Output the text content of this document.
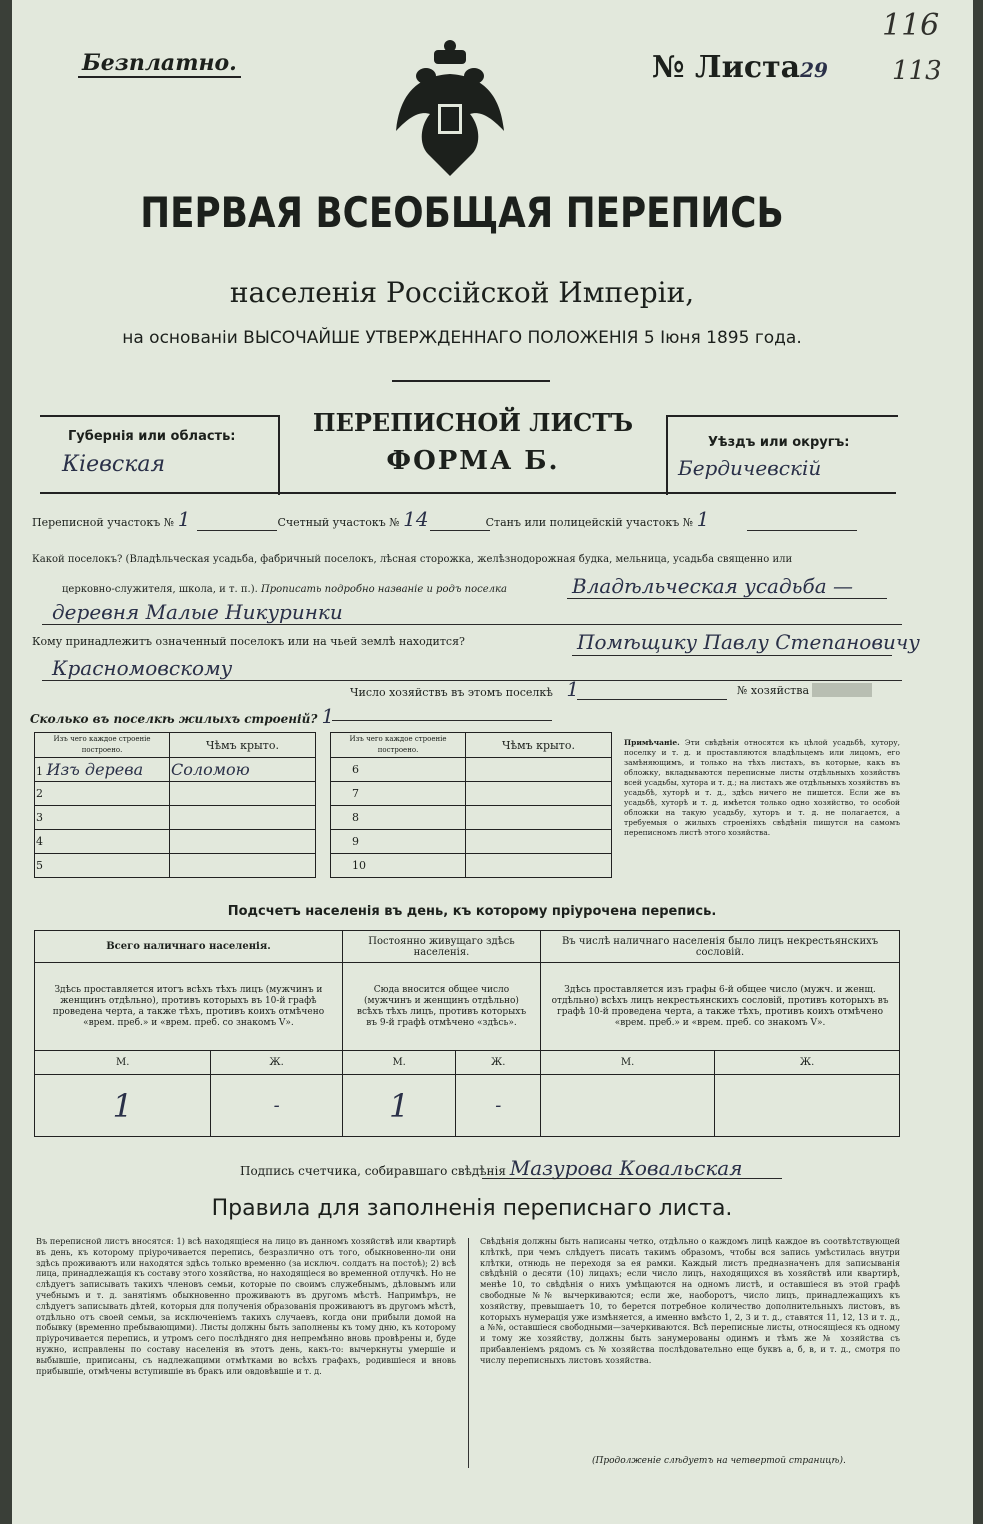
Безплатно.	№ Листа29
116
113
ПЕРВАЯ ВСЕОБЩАЯ ПЕРЕПИСЬ
населенія Россійской Имперіи,
на основаніи ВЫСОЧАЙШЕ УТВЕРЖДЕННАГО ПОЛОЖЕНІЯ 5 Іюня 1895 года.
Губернія или область:
Кіевская
ПЕРЕПИСНОЙ ЛИСТЪ
ФОРМА Б.
Уѣздъ или округъ:
Бердичевскій
Переписной участокъ № 1	Счетный участокъ № 14	Станъ или полицейскій участокъ № 1
Какой поселокъ? (Владѣльческая усадьба, фабричный поселокъ, лѣсная сторожка, желѣзнодорожная будка, мельница, усадьба священно или
церковно-служителя, школа, и т. п.). Прописать подробно названіе и родъ поселка	Владѣльческая усадьба —
деревня Малые Никуринки
Кому принадлежитъ означенный поселокъ или на чьей землѣ находится?	Помѣщику Павлу Степановичу
Красномовскому
Число хозяйствъ въ этомъ поселкѣ 1	№ хозяйства
Сколько въ поселкѣ жилыхъ строеній? 1
Изъ чего каждое строеніе построено.	Чѣмъ крыто.
1 Изъ дерева	Соломою
2	
3	
4	
5	
Изъ чего каждое строеніе построено.	Чѣмъ крыто.
6	
7	
8	
9	
10	
Примѣчаніе. Эти свѣдѣнія относятся къ цѣлой усадьбѣ, хутору, поселку и т. д. и проставляются владѣльцемъ или лицомъ, его замѣняющимъ, и только на тѣхъ листахъ, въ которые, какъ въ обложку, вкладываются переписные листы отдѣльныхъ хозяйствъ всей усадьбы, хутора и т. д.; на листахъ же отдѣльныхъ хозяйствъ въ усадьбѣ, хуторѣ и т. д., здѣсь ничего не пишется. Если же въ усадьбѣ, хуторѣ и т. д. имѣется только одно хозяйство, то особой обложки на такую усадьбу, хуторъ и т. д. не полагается, а требуемыя о жилыхъ строеніяхъ свѣдѣнія пишутся на самомъ переписномъ листѣ этого хозяйства.
Подсчетъ населенія въ день, къ которому пріурочена перепись.
Всего наличнаго населенія.		Постоянно живущаго здѣсь населенія.		Въ числѣ наличнаго населенія было лицъ некрестьянскихъ сословій.	
Здѣсь проставляется итогъ всѣхъ тѣхъ лицъ (мужчинъ и женщинъ отдѣльно), противъ которыхъ въ 10-й графѣ проведена черта, а также тѣхъ, противъ коихъ отмѣчено «врем. преб.» и «врем. преб. со знакомъ V».		Сюда вносится общее число (мужчинъ и женщинъ отдѣльно) всѣхъ тѣхъ лицъ, противъ которыхъ въ 9-й графѣ отмѣчено «здѣсь».		Здѣсь проставляется изъ графы 6-й общее число (мужч. и женщ. отдѣльно) всѣхъ лицъ некрестьянскихъ сословій, противъ которыхъ въ графѣ 10-й проведена черта, а также тѣхъ, противъ коихъ отмѣчено «врем. преб.» и «врем. преб. со знакомъ V».	
М.	Ж.	М.	Ж.	М.	Ж.
1	-	1	-		
Подпись счетчика, собиравшаго свѣдѣнія Мазурова Ковальская
Правила для заполненія переписнаго листа.
Въ переписной листъ вносятся: 1) всѣ находящіеся на лицо въ данномъ хозяйствѣ или квартирѣ въ день, къ которому пріурочивается перепись, безразлично отъ того, обыкновенно-ли они здѣсь проживаютъ или находятся здѣсь только временно (за исключ. солдатъ на постоѣ); 2) всѣ лица, принадлежащія къ составу этого хозяйства, но находящіеся во временной отлучкѣ. Но не слѣдуетъ записывать такихъ членовъ семьи, которые по своимъ служебнымъ, дѣловымъ или учебнымъ и т. д. занятіямъ обыкновенно проживаютъ въ другомъ мѣстѣ. Напримѣръ, не слѣдуетъ записывать дѣтей, которыя для полученія образованія проживаютъ въ другомъ мѣстѣ, отдѣльно отъ своей семьи, за исключеніемъ такихъ случаевъ, когда они прибыли домой на побывку (временно пребывающими). Листы должны быть заполнены къ тому дню, къ которому пріурочивается перепись, и утромъ сего послѣдняго дня непремѣнно вновь провѣрены и, буде нужно, исправлены по составу населенія въ этотъ день, какъ-то: вычеркнуты умершіе и выбывшіе, приписаны, съ надлежащими отмѣтками во всѣхъ графахъ, родившіеся и вновь прибывшіе, отмѣчены вступившіе въ бракъ или овдовѣвшіе и т. д.
Свѣдѣнія должны быть написаны четко, отдѣльно о каждомъ лицѣ каждое въ соотвѣтствующей клѣткѣ, при чемъ слѣдуетъ писать такимъ образомъ, чтобы вся запись умѣстилась внутри клѣтки, отнюдь не переходя за ея рамки. Каждый листъ предназначенъ для записыванія свѣдѣній о десяти (10) лицахъ; если число лицъ, находящихся въ хозяйствѣ или квартирѣ, менѣе 10, то свѣдѣнія о нихъ умѣщаются на одномъ листѣ, и оставшіеся въ этой графѣ свободные №№ вычеркиваются; если же, наоборотъ, число лицъ, принадлежащихъ къ хозяйству, превышаетъ 10, то берется потребное количество дополнительныхъ листовъ, въ которыхъ нумерація уже измѣняется, а именно вмѣсто 1, 2, 3 и т. д., ставятся 11, 12, 13 и т. д., а №№, оставшіеся свободными—зачеркиваются. Всѣ переписные листы, относящіеся къ одному и тому же хозяйству, должны быть занумерованы одинмъ и тѣмъ же № хозяйства съ прибавленіемъ рядомъ съ № хозяйства послѣдовательно еще буквъ а, б, в, и т. д., смотря по числу переписныхъ листовъ хозяйства.
(Продолженіе слѣдуетъ на четвертой страницѣ).
